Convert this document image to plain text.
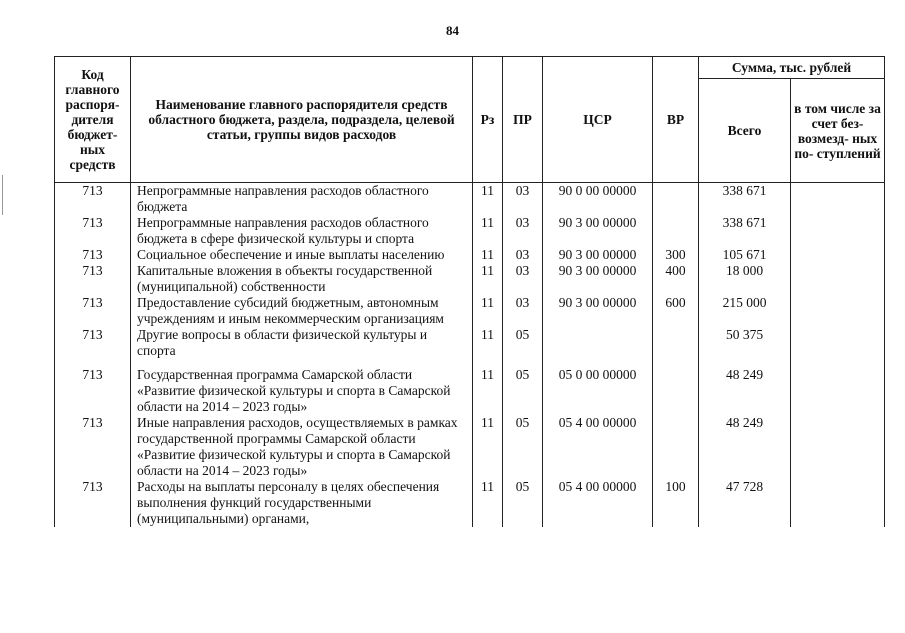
84
Код главного распоря- дителя бюджет- ных средств	Наименование главного распорядителя средств областного бюджета, раздела, подраздела, целевой статьи, группы видов расходов	Рз	ПР	ЦСР	ВР	Сумма, тыс. рублей	
						Всего	в том числе за счет без- возмезд- ных по- ступлений
713	Непрограммные направления расходов областного бюджета	11	03	90 0 00 00000		338 671	
713	Непрограммные направления расходов областного бюджета в сфере физической культуры и спорта	11	03	90 3 00 00000		338 671	
713	Социальное обеспечение и иные выплаты населению	11	03	90 3 00 00000	300	105 671	
713	Капитальные вложения в объекты государственной (муниципальной) собственности	11	03	90 3 00 00000	400	18 000	
713	Предоставление субсидий бюджетным, автономным учреждениям и иным некоммерческим организациям	11	03	90 3 00 00000	600	215 000	
713	Другие вопросы в области физической культуры и спорта	11	05			50 375	
713	Государственная программа Самарской области «Развитие физической культуры и спорта в Самарской области на 2014 – 2023 годы»	11	05	05 0 00 00000		48 249	
713	Иные направления расходов, осуществляемых в рамках государственной программы Самарской области «Развитие физической культуры и спорта в Самарской области на 2014 – 2023 годы»	11	05	05 4 00 00000		48 249	
713	Расходы на выплаты персоналу в целях обеспечения выполнения функций государственными (муниципальными) органами,	11	05	05 4 00 00000	100	47 728	
